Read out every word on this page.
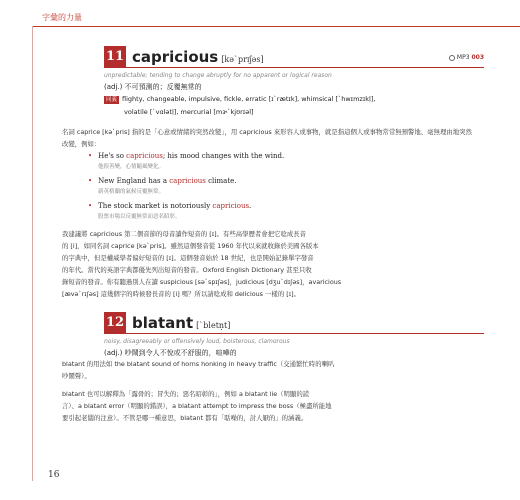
字彙的力量
11 capricious [kəˋprɪʃəs]	MP3 003
unpredictable; tending to change abruptly for no apparent or logical reason
(adj.) 不可預測的；反覆無常的
同義 flighty, changeable, impulsive, fickle, erratic [ɪˋrætɪk], whimsical [ˋhwɪmzɪkḷ],
volatile [ˋvɑlətḷ], mercurial [mɝˋkjʊrɪəl]
名詞 caprice [kəˋpris] 指的是「心意或情緒的突然改變」，用 capricious 來形容人或事物，就是指這個人或事物常常無預警地、毫無理由地突然改變，例如：
• He's so capricious; his mood changes with the wind.
他很善變，心情隨風變化。
• New England has a capricious climate.
新英格蘭的氣候反覆無常。
• The stock market is notoriously capricious.
股票市場以反覆無常而惡名昭彰。
我建議將 capricious 第二個音節的母音讀作短音的 [ɪ]。有些高學歷者會把它唸成長音
的 [i]，如同名詞 caprice [kəˋpris]。雖然這個發音從 1960 年代以來就收錄於美國各版本
的字典中，但是權威學者偏好短音的 [ɪ]。這個發音始於 18 世紀，也是開始記錄單字發音
的年代。當代的英語字典都優先列出短音的發音。Oxford English Dictionary 甚至只收
錄短音的發音。你有聽過別人在讀 suspicious [səˋspɪʃəs]，judicious [dʒuˋdɪʃəs]，avaricious
[ævəˋrɪʃəs] 這幾個字的時候發長音的 [i] 嗎？所以請唸成和 delicious 一樣的 [ɪ]。
12 blatant [ˋbletṇt]
noisy, disagreeably or offensively loud, boisterous, clamorous
(adj.) 吵鬧到令人不悅或不舒服的，喧嘩的
blatant 的用法如 the blatant sound of horns honking in heavy traffic（交通繁忙時的喇叭
吵鬧聲）。
blatant 也可以解釋為「露骨的；冒失的；惡名昭彰的」，例如 a blatant lie（明顯的謊
言）、a blatant error（明顯的錯誤），a blatant attempt to impress the boss（極盡所能地
要引起老闆的注意）。不管是哪一種意思，blatant 都有「聒噪的，討人厭的」的涵義。
16
